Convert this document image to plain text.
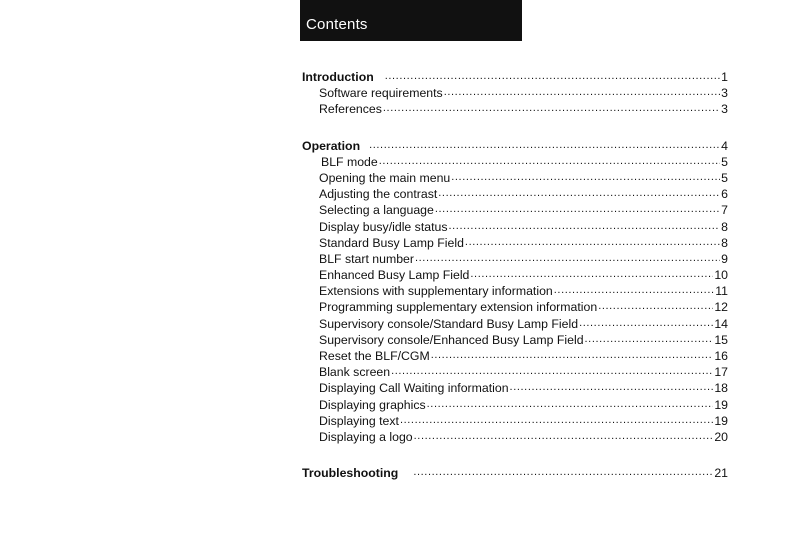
Contents
Introduction .....	1
Software requirements .....	3
References .....	3
Operation .....	4
BLF mode .....	5
Opening the main menu .....	5
Adjusting the contrast .....	6
Selecting a language .....	7
Display busy/idle status .....	8
Standard Busy Lamp Field .....	8
BLF start number .....	9
Enhanced Busy Lamp Field .....	10
Extensions with supplementary information .....	11
Programming supplementary extension information .....	12
Supervisory console/Standard Busy Lamp Field .....	14
Supervisory console/Enhanced Busy Lamp Field .....	15
Reset the BLF/CGM .....	16
Blank screen .....	17
Displaying Call Waiting information .....	18
Displaying graphics .....	19
Displaying text .....	19
Displaying a logo .....	20
Troubleshooting .....	21
